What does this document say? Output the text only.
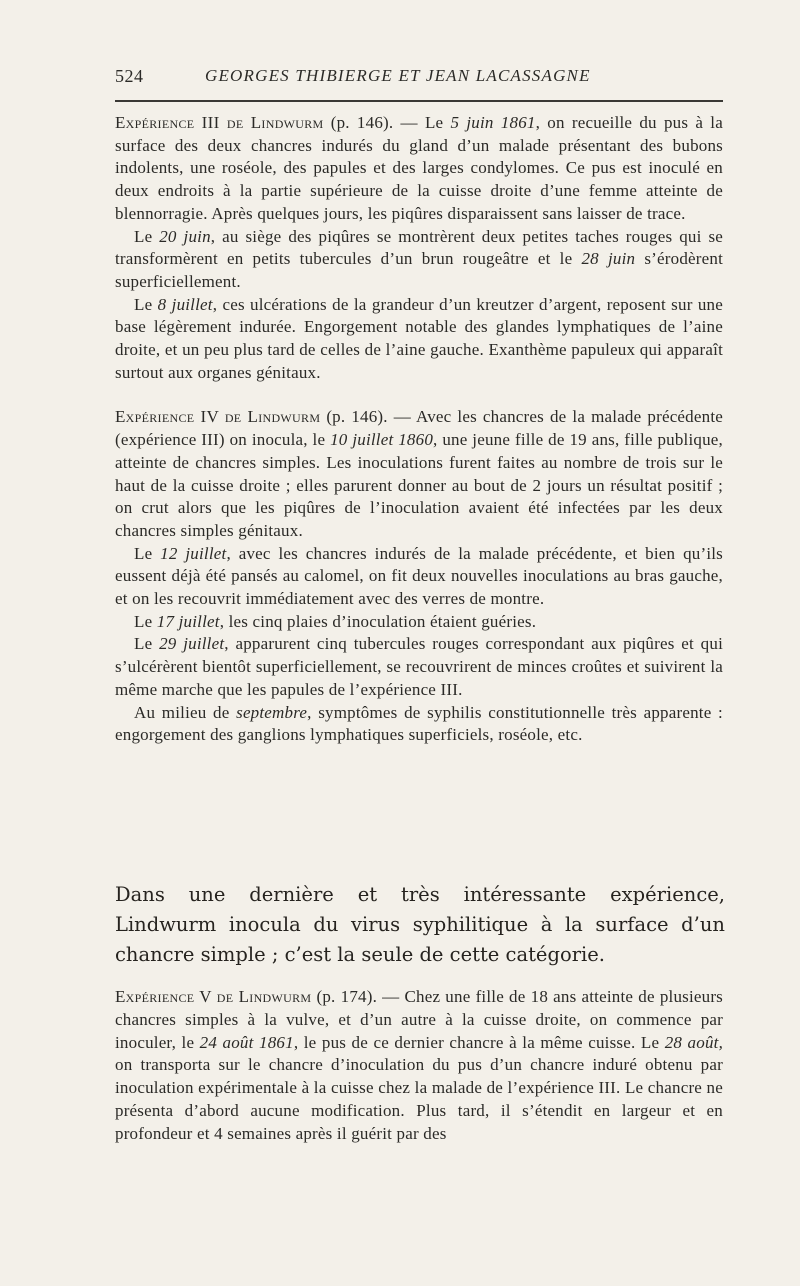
524	GEORGES THIBIERGE ET JEAN LACASSAGNE

Expérience III de Lindwurm (p. 146). — Le 5 juin 1861, on recueille du pus à la surface des deux chancres indurés du gland d’un malade présentant des bubons indolents, une roséole, des papules et des larges condylomes. Ce pus est inoculé en deux endroits à la partie supérieure de la cuisse droite d’une femme atteinte de blennorragie. Après quelques jours, les piqûres disparaissent sans laisser de trace.

Le 20 juin, au siège des piqûres se montrèrent deux petites taches rouges qui se transformèrent en petits tubercules d’un brun rougeâtre et le 28 juin s’érodèrent superficiellement.

Le 8 juillet, ces ulcérations de la grandeur d’un kreutzer d’argent, reposent sur une base légèrement indurée. Engorgement notable des glandes lymphatiques de l’aine droite, et un peu plus tard de celles de l’aine gauche. Exanthème papuleux qui apparaît surtout aux organes génitaux.

Expérience IV de Lindwurm (p. 146). — Avec les chancres de la malade précédente (expérience III) on inocula, le 10 juillet 1860, une jeune fille de 19 ans, fille publique, atteinte de chancres simples. Les inoculations furent faites au nombre de trois sur le haut de la cuisse droite ; elles parurent donner au bout de 2 jours un résultat positif ; on crut alors que les piqûres de l’inoculation avaient été infectées par les deux chancres simples génitaux.

Le 12 juillet, avec les chancres indurés de la malade précédente, et bien qu’ils eussent déjà été pansés au calomel, on fit deux nouvelles inoculations au bras gauche, et on les recouvrit immédiatement avec des verres de montre.

Le 17 juillet, les cinq plaies d’inoculation étaient guéries.

Le 29 juillet, apparurent cinq tubercules rouges correspondant aux piqûres et qui s’ulcérèrent bientôt superficiellement, se recouvrirent de minces croûtes et suivirent la même marche que les papules de l’expérience III.

Au milieu de septembre, symptômes de syphilis constitutionnelle très apparente : engorgement des ganglions lymphatiques superficiels, roséole, etc.

Dans une dernière et très intéressante expérience, Lindwurm inocula du virus syphilitique à la surface d’un chancre simple ; c’est la seule de cette catégorie.

Expérience V de Lindwurm (p. 174). — Chez une fille de 18 ans atteinte de plusieurs chancres simples à la vulve, et d’un autre à la cuisse droite, on commence par inoculer, le 24 août 1861, le pus de ce dernier chancre à la même cuisse. Le 28 août, on transporta sur le chancre d’inoculation du pus d’un chancre induré obtenu par inoculation expérimentale à la cuisse chez la malade de l’expérience III. Le chancre ne présenta d’abord aucune modification. Plus tard, il s’étendit en largeur et en profondeur et 4 semaines après il guérit par des
